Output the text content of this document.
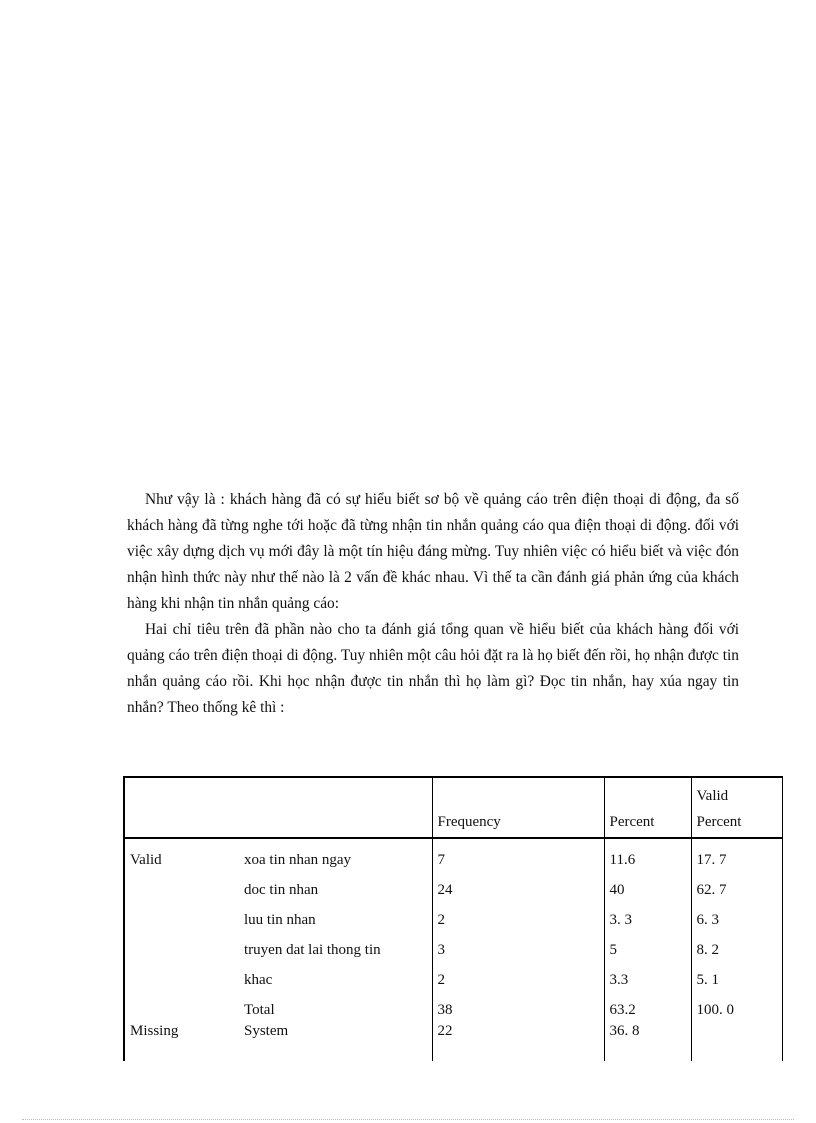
Như vậy là : khách hàng đã có sự hiểu biết sơ bộ về quảng cáo trên điện thoại di động, đa số khách hàng đã từng nghe tới hoặc đã từng nhận tin nhắn quảng cáo qua điện thoại di động. đối với việc xây dựng dịch vụ mới đây là một tín hiệu đáng mừng. Tuy nhiên việc có hiểu biết và việc đón nhận hình thức này như thế nào là 2 vấn đề khác nhau. Vì thế ta cần đánh giá phản ứng của khách hàng khi nhận tin nhắn quảng cáo:

Hai chỉ tiêu trên đã phần nào cho ta đánh giá tổng quan về hiểu biết của khách hàng đối với quảng cáo trên điện thoại di động. Tuy nhiên một câu hỏi đặt ra là họ biết đến rồi, họ nhận được tin nhắn quảng cáo rồi. Khi học nhận được tin nhắn thì họ làm gì? Đọc tin nhắn, hay xúa ngay tin nhắn? Theo thống kê thì :

		Frequency	Percent	Valid
Percent
Valid	xoa tin nhan ngay	7	11.6	17. 7
	doc tin nhan	24	40	62. 7
	luu tin nhan	2	3. 3	6. 3
	truyen dat lai thong tin	3	5	8. 2
	khac	2	3.3	5. 1
	Total	38	63.2	100. 0
Missing	System	22	36. 8	
